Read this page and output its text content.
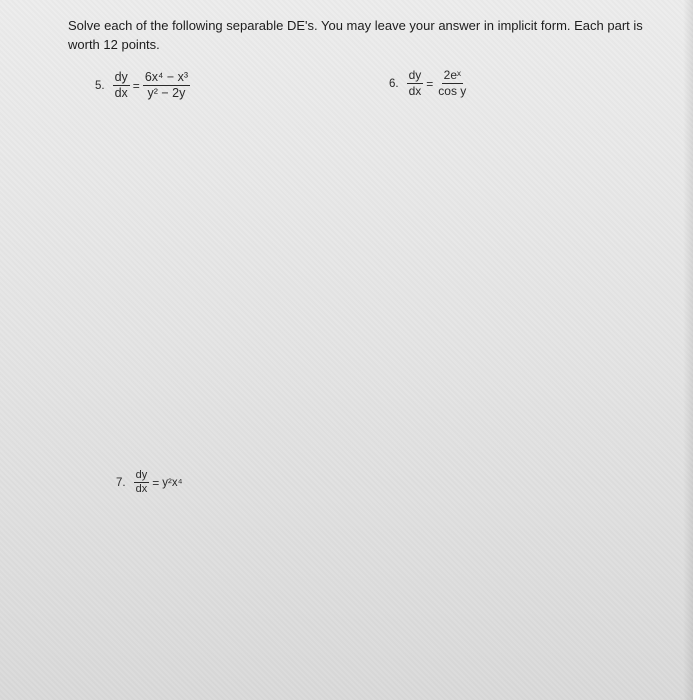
Solve each of the following separable DE's. You may leave your answer in implicit form. Each part is worth 12 points.

5. $\frac{dy}{dx} = \frac{\text{6x⁴ − x³}}{\text{y² − 2y}}$	6. $\frac{dy}{dx} = \frac{\text{2eˣ}}{\text{cos y}}$
7. $\frac{dy}{dx} = y^2x^4$
